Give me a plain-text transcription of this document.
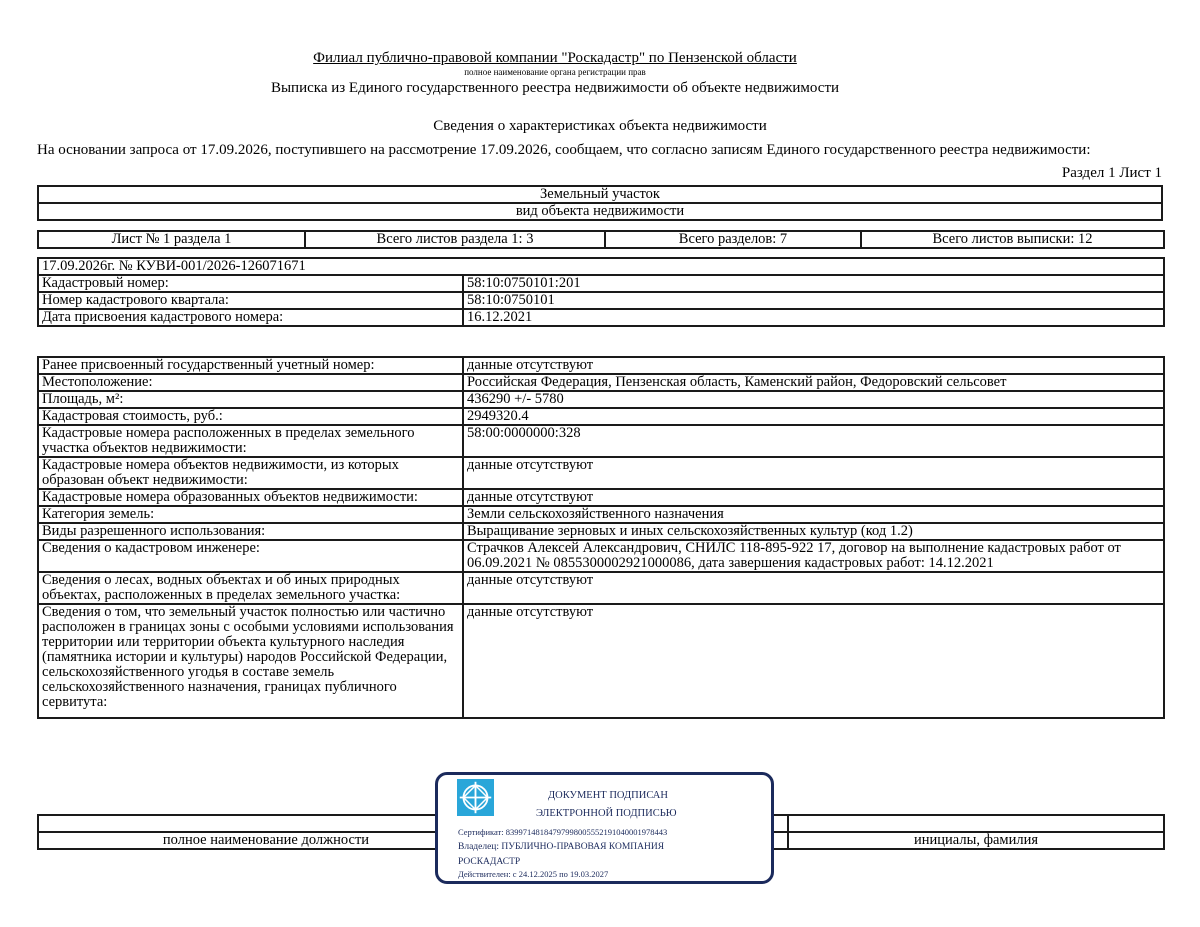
Филиал публично-правовой компании "Роскадастр" по Пензенской области
полное наименование органа регистрации прав
Выписка из Единого государственного реестра недвижимости об объекте недвижимости
Сведения о характеристиках объекта недвижимости
На основании запроса от 17.09.2026, поступившего на рассмотрение 17.09.2026, сообщаем, что согласно записям Единого государственного реестра недвижимости:
Раздел 1 Лист 1
Земельный участок
вид объекта недвижимости
Лист № 1 раздела 1	Всего листов раздела 1: 3	Всего разделов: 7	Всего листов выписки: 12
17.09.2026г. № КУВИ-001/2026-126071671	
Кадастровый номер:	58:10:0750101:201
Номер кадастрового квартала:	58:10:0750101
Дата присвоения кадастрового номера:	16.12.2021
Ранее присвоенный государственный учетный номер:	данные отсутствуют
Местоположение:	Российская Федерация, Пензенская область, Каменский район, Федоровский сельсовет
Площадь, м²:	436290 +/- 5780
Кадастровая стоимость, руб.:	2949320.4
Кадастровые номера расположенных в пределах земельного участка объектов недвижимости:	58:00:0000000:328
Кадастровые номера объектов недвижимости, из которых образован объект недвижимости:	данные отсутствуют
Кадастровые номера образованных объектов недвижимости:	данные отсутствуют
Категория земель:	Земли сельскохозяйственного назначения
Виды разрешенного использования:	Выращивание зерновых и иных сельскохозяйственных культур (код 1.2)
Сведения о кадастровом инженере:	Страчков Алексей Александрович, СНИЛС 118-895-922 17, договор на выполнение кадастровых работ от 06.09.2021 № 0855300002921000086, дата завершения кадастровых работ: 14.12.2021
Сведения о лесах, водных объектах и об иных природных объектах, расположенных в пределах земельного участка:	данные отсутствуют
Сведения о том, что земельный участок полностью или частично расположен в границах зоны с особыми условиями использования территории или территории объекта культурного наследия (памятника истории и культуры) народов Российской Федерации, сельскохозяйственного угодья в составе земель сельскохозяйственного назначения, границах публичного сервитута:	данные отсутствуют

полное наименование должности		инициалы, фамилия
ДОКУМЕНТ ПОДПИСАН
ЭЛЕКТРОННОЙ ПОДПИСЬЮ
Сертификат: 8399714818479799800555219104000197844З
Владелец: ПУБЛИЧНО-ПРАВОВАЯ КОМПАНИЯ
РОСКАДАСТР
Действителен: с 24.12.2025 по 19.03.2027
